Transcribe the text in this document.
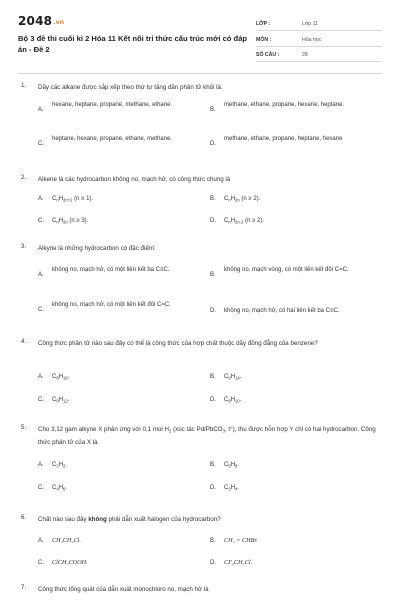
2048.vn
Bộ 3 đề thi cuối kì 2 Hóa 11 Kết nối tri thức cấu trúc mới có đáp án - Đề 2
LỚP :	Lớp 11
MÔN :	Hóa học
SỐ CÂU :	28
1. Dãy các alkane được sắp xếp theo thứ tự tăng dần phân tử khối là.
A.
hexane, heptane, propane, methane, ethane.
B.
methane, ethane, propane, hexane, heptane.
C.
heptane, hexane, propane, ethane, methane.
D.
methane, ethane, propane, heptane, hexane
2. Alkene là các hydrocarbon không no, mạch hở, có công thức chung là
A. $C_nH_{2n+2}$ (n ≥ 1).	B. $C_nH_{2n}$ (n ≥ 2).
C. $C_nH_{2n}$ (n ≥ 3).	D. $C_nH_{2n-2}$ (n ≥ 2).
3. Alkyne là những hydrocarbon có đặc điểm:
A.
không no, mạch hở, có một liên kết ba C≡C.
B.
không no, mạch vòng, có một liên kết đôi C=C.
C.
không no, mạch hở, có một liên kết đôi C=C.
D. không no, mạch hở, có hai liên kết ba C≡C.
4. Công thức phân tử nào sau đây có thể là công thức của hợp chất thuộc dãy đồng đẳng của benzene?
A. $C_8H_{16}$.	B. $C_8H_{14}$.
C. $C_8H_{12}$.	D. $C_8H_{10}$.
5. Cho 3,12 gam alkyne X phản ứng với 0,1 mol $H_2$ (xúc tác Pd/PbCO$_3$, t°), thu được hỗn hợp Y chỉ có hai hydrocarbon. Công thức phân tử của X là
A. $C_2H_2$.	B. $C_5H_8$.
C. $C_4H_6$.	D. $C_3H_4$.
6. Chất nào sau đây không phải dẫn xuất halogen của hydrocarbon?
A. CH₃CH₂Cl.	B. CH₂ = CHBr.
C. ClCH₂COOH.	D. CF₃CH₂Cl.
7. Công thức tổng quát của dẫn xuất monochloro no, mạch hở là
